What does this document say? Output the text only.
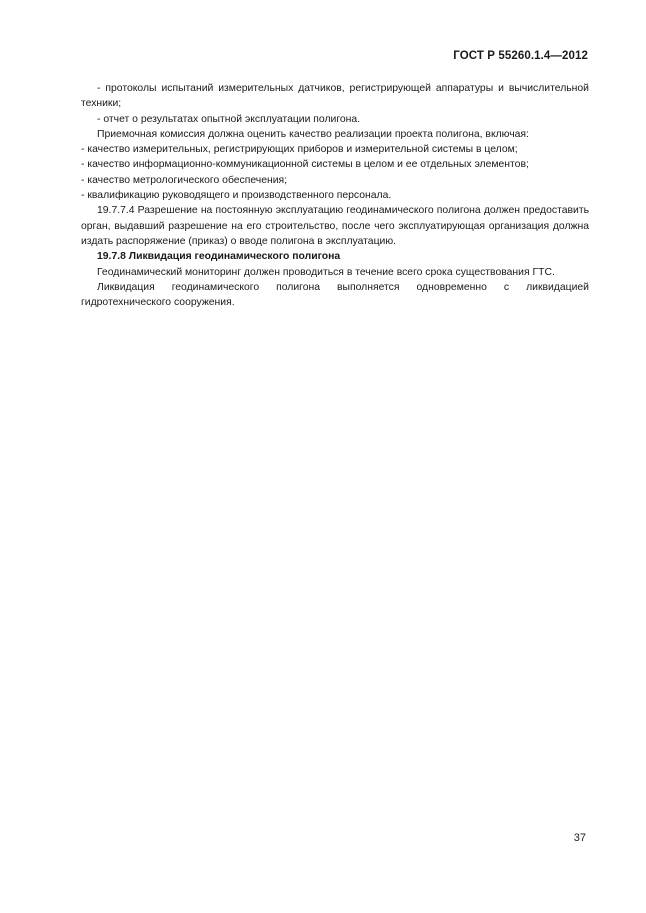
ГОСТ Р 55260.1.4—2012

- протоколы испытаний измерительных датчиков, регистрирующей аппаратуры и вычислительной техники;

- отчет о результатах опытной эксплуатации полигона.

Приемочная комиссия должна оценить качество реализации проекта полигона, включая:

- качество измерительных, регистрирующих приборов и измерительной системы в целом;

- качество информационно-коммуникационной системы в целом и ее отдельных элементов;

- качество метрологического обеспечения;

- квалификацию руководящего и производственного персонала.

19.7.7.4 Разрешение на постоянную эксплуатацию геодинамического полигона должен предоставить орган, выдавший разрешение на его строительство, после чего эксплуатирующая организация должна издать распоряжение (приказ) о вводе полигона в эксплуатацию.

19.7.8 Ликвидация геодинамического полигона

Геодинамический мониторинг должен проводиться в течение всего срока существования ГТС.

Ликвидация геодинамического полигона выполняется одновременно с ликвидацией гидротехнического сооружения.

37
